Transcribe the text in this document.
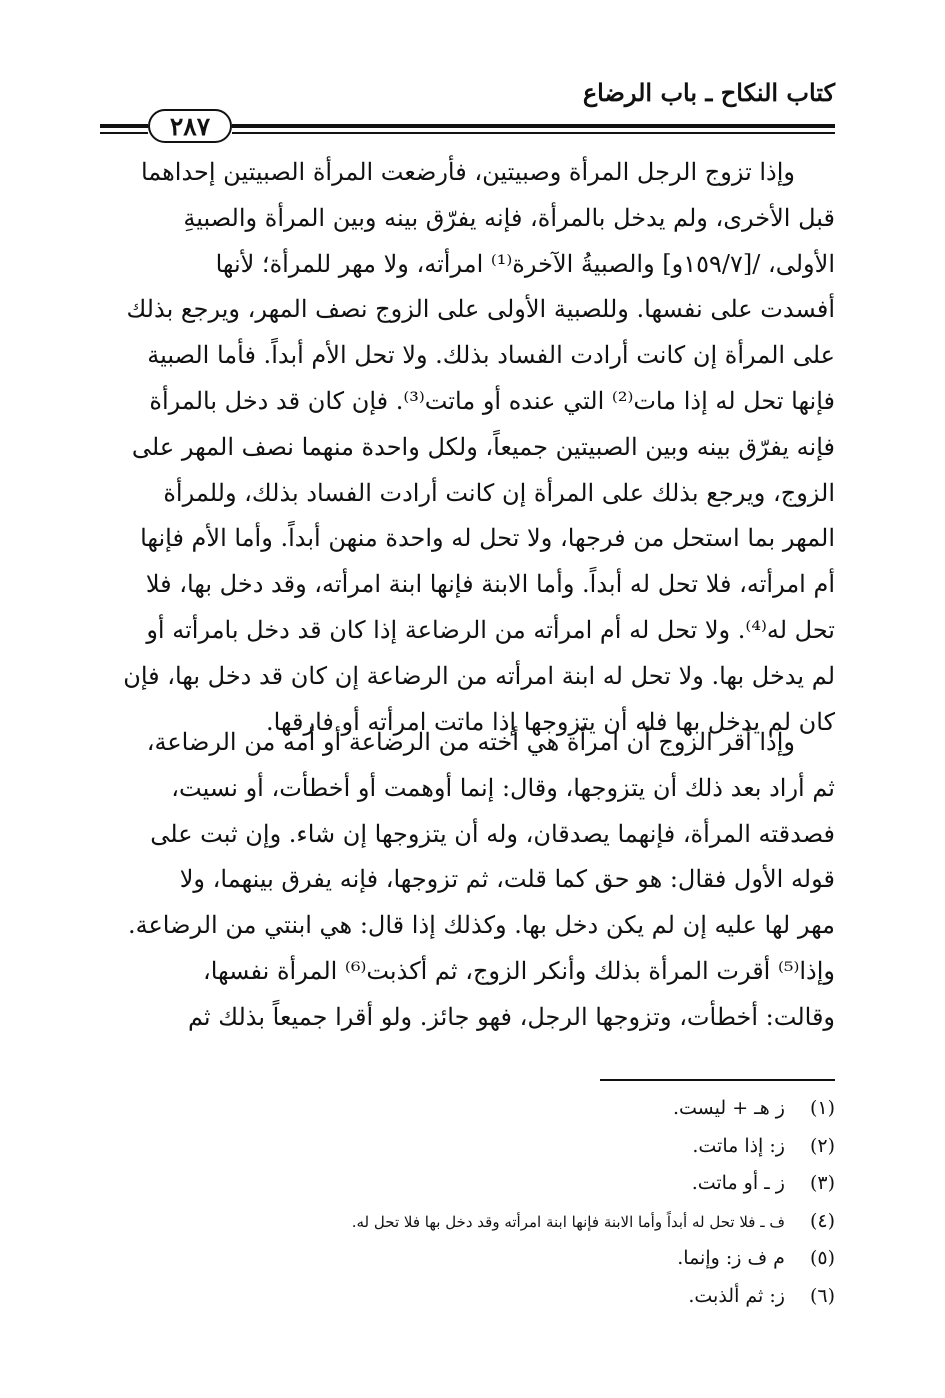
كتاب النكاح ـ باب الرضاع
٢٨٧
وإذا تزوج الرجل المرأة وصبيتين، فأرضعت المرأة الصبيتين إحداهما
قبل الأخرى، ولم يدخل بالمرأة، فإنه يفرّق بينه وبين المرأة والصبيةِ
الأولى، /[١٥٩/٧و] والصبيةُ الآخرة⁽¹⁾ امرأته، ولا مهر للمرأة؛ لأنها
أفسدت على نفسها. وللصبية الأولى على الزوج نصف المهر، ويرجع بذلك
على المرأة إن كانت أرادت الفساد بذلك. ولا تحل الأم أبداً. فأما الصبية
فإنها تحل له إذا مات⁽²⁾ التي عنده أو ماتت⁽³⁾. فإن كان قد دخل بالمرأة
فإنه يفرّق بينه وبين الصبيتين جميعاً، ولكل واحدة منهما نصف المهر على
الزوج، ويرجع بذلك على المرأة إن كانت أرادت الفساد بذلك، وللمرأة
المهر بما استحل من فرجها، ولا تحل له واحدة منهن أبداً. وأما الأم فإنها
أم امرأته، فلا تحل له أبداً. وأما الابنة فإنها ابنة امرأته، وقد دخل بها، فلا
تحل له⁽⁴⁾. ولا تحل له أم امرأته من الرضاعة إذا كان قد دخل بامرأته أو
لم يدخل بها. ولا تحل له ابنة امرأته من الرضاعة إن كان قد دخل بها، فإن
كان لم يدخل بها فله أن يتزوجها إذا ماتت امرأته أو فارقها.
وإذا أقر الزوج أن امرأة هي أخته من الرضاعة أو أمه من الرضاعة،
ثم أراد بعد ذلك أن يتزوجها، وقال: إنما أوهمت أو أخطأت، أو نسيت،
فصدقته المرأة، فإنهما يصدقان، وله أن يتزوجها إن شاء. وإن ثبت على
قوله الأول فقال: هو حق كما قلت، ثم تزوجها، فإنه يفرق بينهما، ولا
مهر لها عليه إن لم يكن دخل بها. وكذلك إذا قال: هي ابنتي من الرضاعة.
وإذا⁽⁵⁾ أقرت المرأة بذلك وأنكر الزوج، ثم أكذبت⁽⁶⁾ المرأة نفسها،
وقالت: أخطأت، وتزوجها الرجل، فهو جائز. ولو أقرا جميعاً بذلك ثم
(١) ز هـ + ليست.
(٢) ز: إذا ماتت.
(٣) ز ـ أو ماتت.
(٤) ف ـ فلا تحل له أبداً وأما الابنة فإنها ابنة امرأته وقد دخل بها فلا تحل له.
(٥) م ف ز: وإنما.
(٦) ز: ثم ألذبت.
